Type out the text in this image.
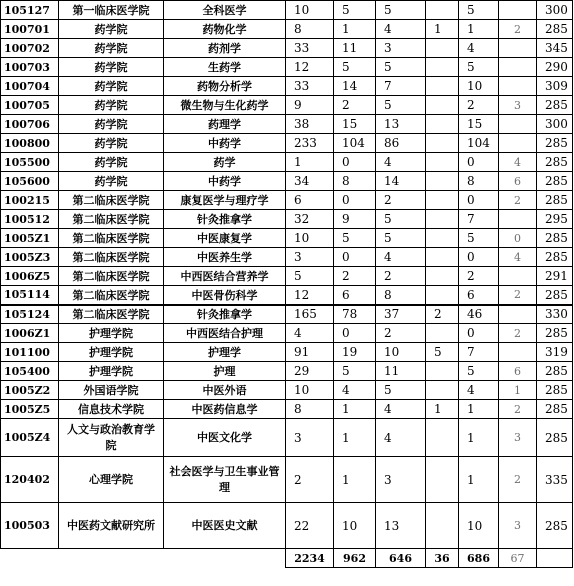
105127	第一临床医学院	全科医学	10	5	5		5		300
100701	药学院	药物化学	8	1	4	1	1	2	285
100702	药学院	药剂学	33	11	3		4		345
100703	药学院	生药学	12	5	5		5		290
100704	药学院	药物分析学	33	14	7		10		309
100705	药学院	微生物与生化药学	9	2	5		2	3	285
100706	药学院	药理学	38	15	13		15		300
100800	药学院	中药学	233	104	86		104		285
105500	药学院	药学	1	0	4		0	4	285
105600	药学院	中药学	34	8	14		8	6	285
100215	第二临床医学院	康复医学与理疗学	6	0	2		0	2	285
100512	第二临床医学院	针灸推拿学	32	9	5		7		295
1005Z1	第二临床医学院	中医康复学	10	5	5		5	0	285
1005Z3	第二临床医学院	中医养生学	3	0	4		0	4	285
1006Z5	第二临床医学院	中西医结合营养学	5	2	2		2		291
105114	第二临床医学院	中医骨伤科学	12	6	8		6	2	285
105124	第二临床医学院	针灸推拿学	165	78	37	2	46		330
1006Z1	护理学院	中西医结合护理	4	0	2		0	2	285
101100	护理学院	护理学	91	19	10	5	7		319
105400	护理学院	护理	29	5	11		5	6	285
1005Z2	外国语学院	中医外语	10	4	5		4	1	285
1005Z5	信息技术学院	中医药信息学	8	1	4	1	1	2	285
1005Z4	人文与政治教育学院	中医文化学	3	1	4		1	3	285
120402	心理学院	社会医学与卫生事业管理	2	1	3		1	2	335
100503	中医药文献研究所	中医医史文献	22	10	13		10	3	285
			2234	962	646	36	686	67	
